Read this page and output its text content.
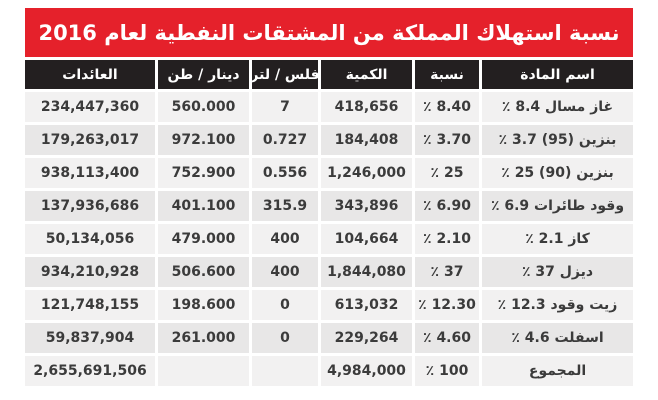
نسبة استهلاك المملكة من المشتقات النفطية لعام 2016
اسم المادة
نسبة
الكمية
فلس / لتر
دينار / طن
العائدات
غاز مسال 8.4 ٪
8.40 ٪
418,656
7
560.000
234,447,360
بنزين (95) 3.7 ٪
3.70 ٪
184,408
0.727
972.100
179,263,017
بنزين (90) 25 ٪
25 ٪
1,246,000
0.556
752.900
938,113,400
وقود طائرات 6.9 ٪
6.90 ٪
343,896
315.9
401.100
137,936,686
كاز 2.1 ٪
2.10 ٪
104,664
400
479.000
50,134,056
ديزل 37 ٪
37 ٪
1,844,080
400
506.600
934,210,928
زيت وقود 12.3 ٪
12.30 ٪
613,032
0
198.600
121,748,155
اسفلت 4.6 ٪
4.60 ٪
229,264
0
261.000
59,837,904
المجموع
100 ٪
4,984,000
2,655,691,506
